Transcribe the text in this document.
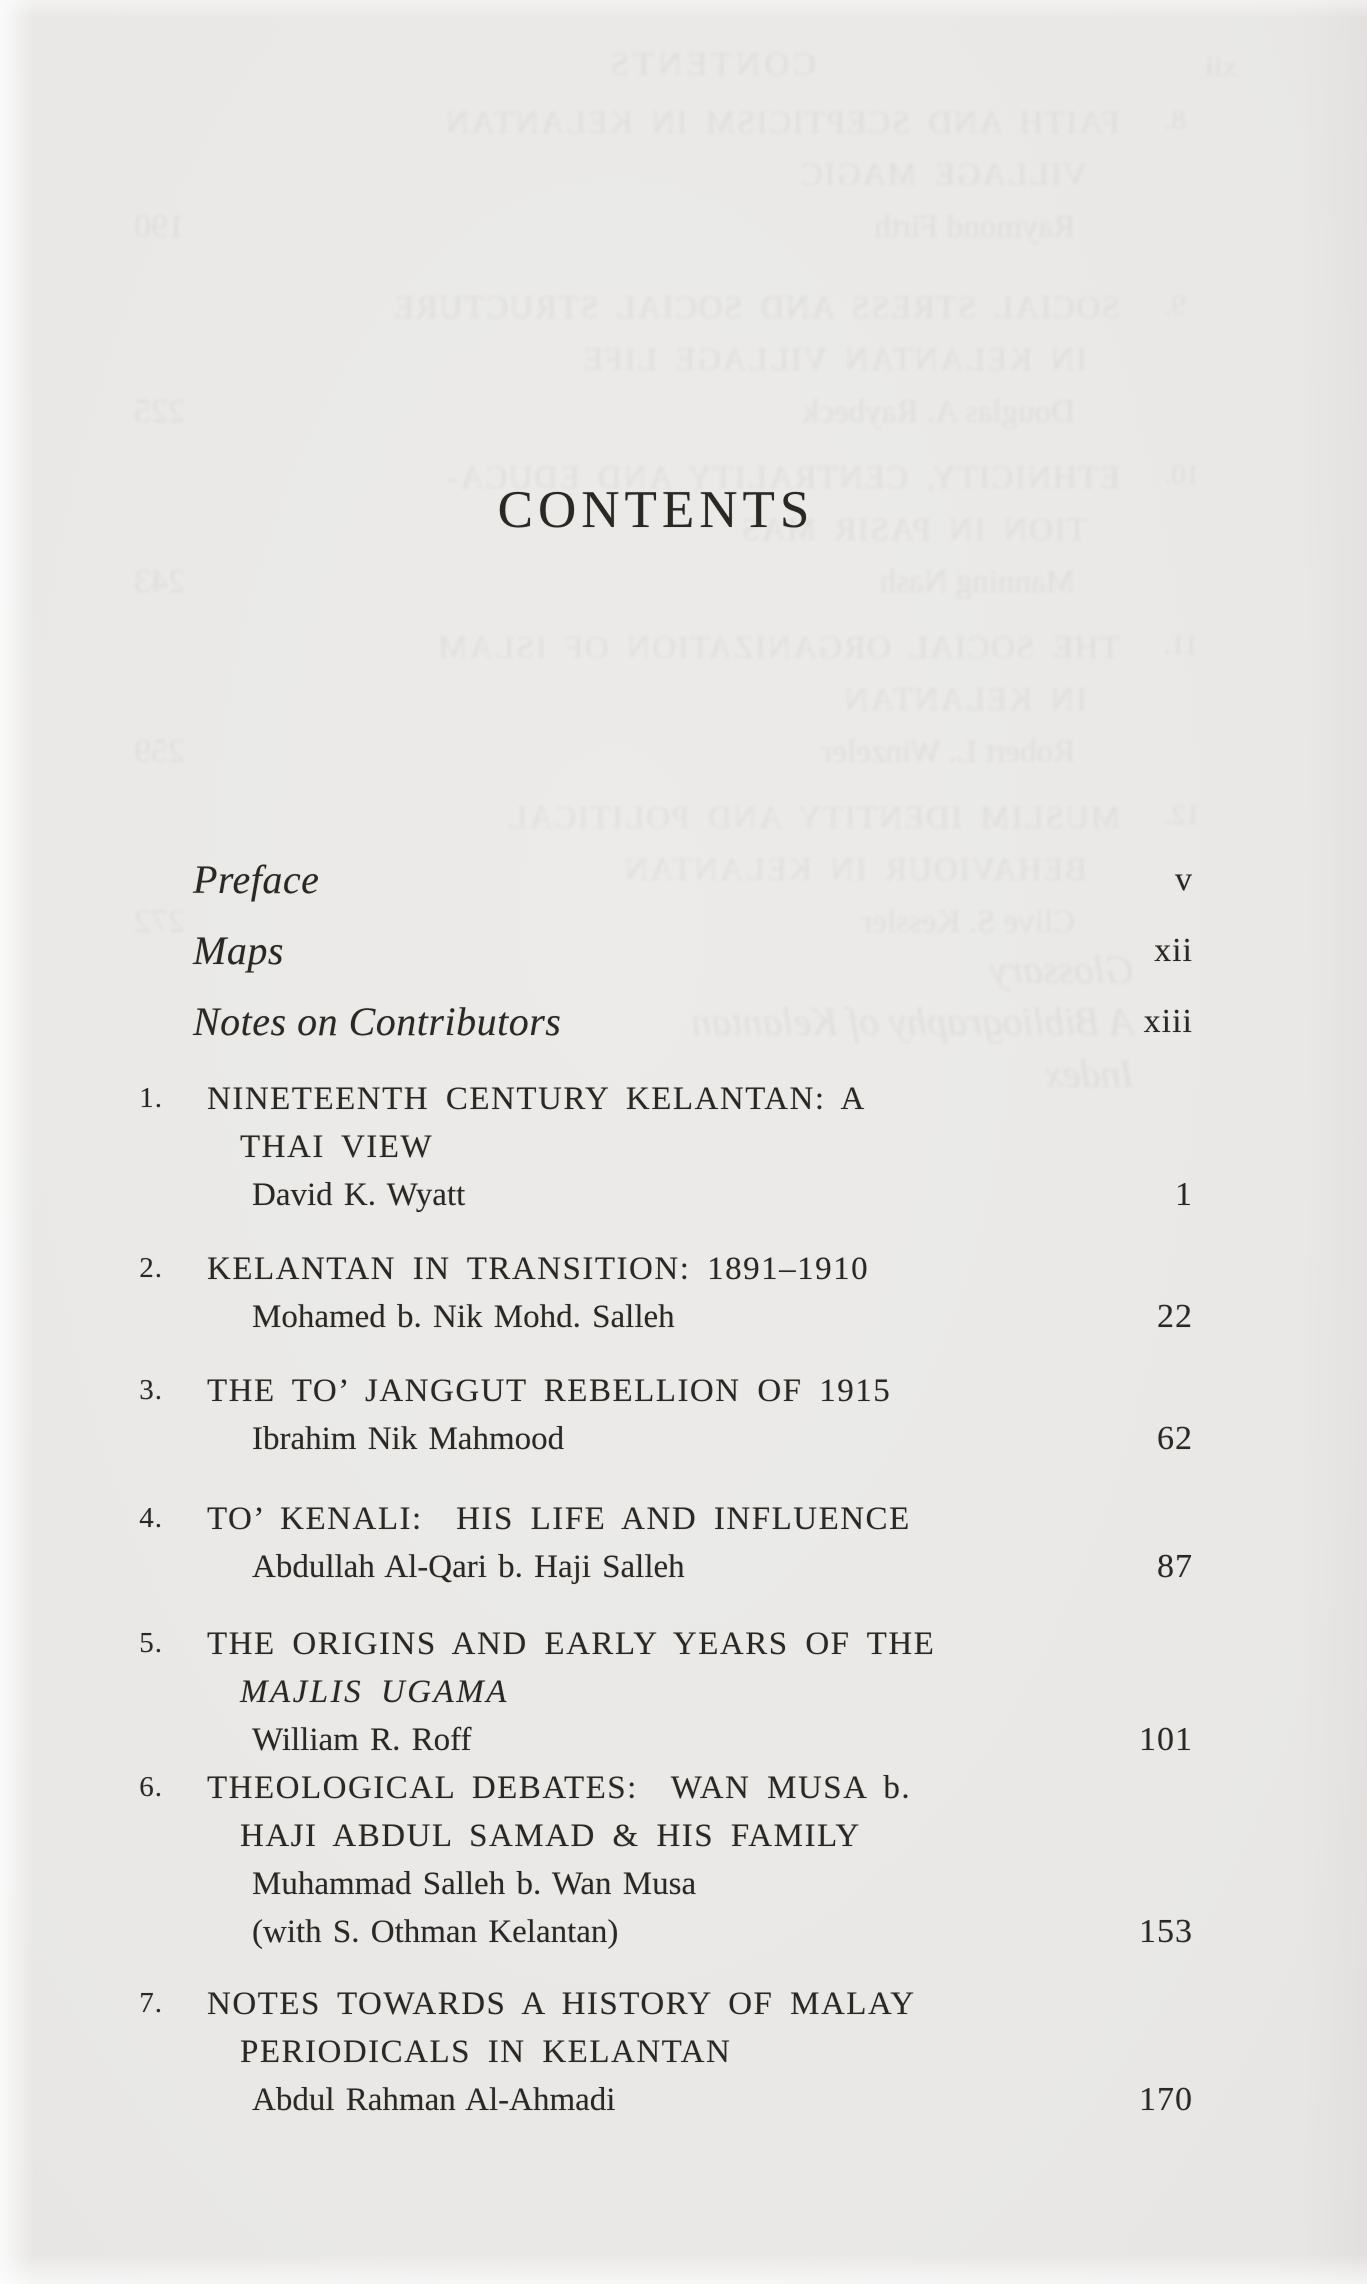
xii
CONTENTS
8.
FAITH AND SCEPTICISM IN KELANTAN
VILLAGE MAGIC
Raymond Firth
190
9.
SOCIAL STRESS AND SOCIAL STRUCTURE
IN KELANTAN VILLAGE LIFE
Douglas A. Raybeck
225
10.
ETHNICITY, CENTRALITY AND EDUCA-
TION IN PASIR MAS
Manning Nash
243
11.
THE SOCIAL ORGANIZATION OF ISLAM
IN KELANTAN
Robert L. Winzeler
259
12.
MUSLIM IDENTITY AND POLITICAL
BEHAVIOUR IN KELANTAN
Clive S. Kessler
272
Glossary
A Bibliography of Kelantan
Index
CONTENTS
Preface	v
Maps	xii
Notes on Contributors	xiii
1. NINETEENTH CENTURY KELANTAN: A
THAI VIEW
David K. Wyatt	1
2. KELANTAN IN TRANSITION: 1891–1910
Mohamed b. Nik Mohd. Salleh	22
3. THE TO’ JANGGUT REBELLION OF 1915
Ibrahim Nik Mahmood	62
4. TO’ KENALI:  HIS LIFE AND INFLUENCE
Abdullah Al-Qari b. Haji Salleh	87
5. THE ORIGINS AND EARLY YEARS OF THE
MAJLIS UGAMA
William R. Roff	101
6. THEOLOGICAL DEBATES:  WAN MUSA b.
HAJI ABDUL SAMAD & HIS FAMILY
Muhammad Salleh b. Wan Musa
(with S. Othman Kelantan)	153
7. NOTES TOWARDS A HISTORY OF MALAY
PERIODICALS IN KELANTAN
Abdul Rahman Al-Ahmadi	170
